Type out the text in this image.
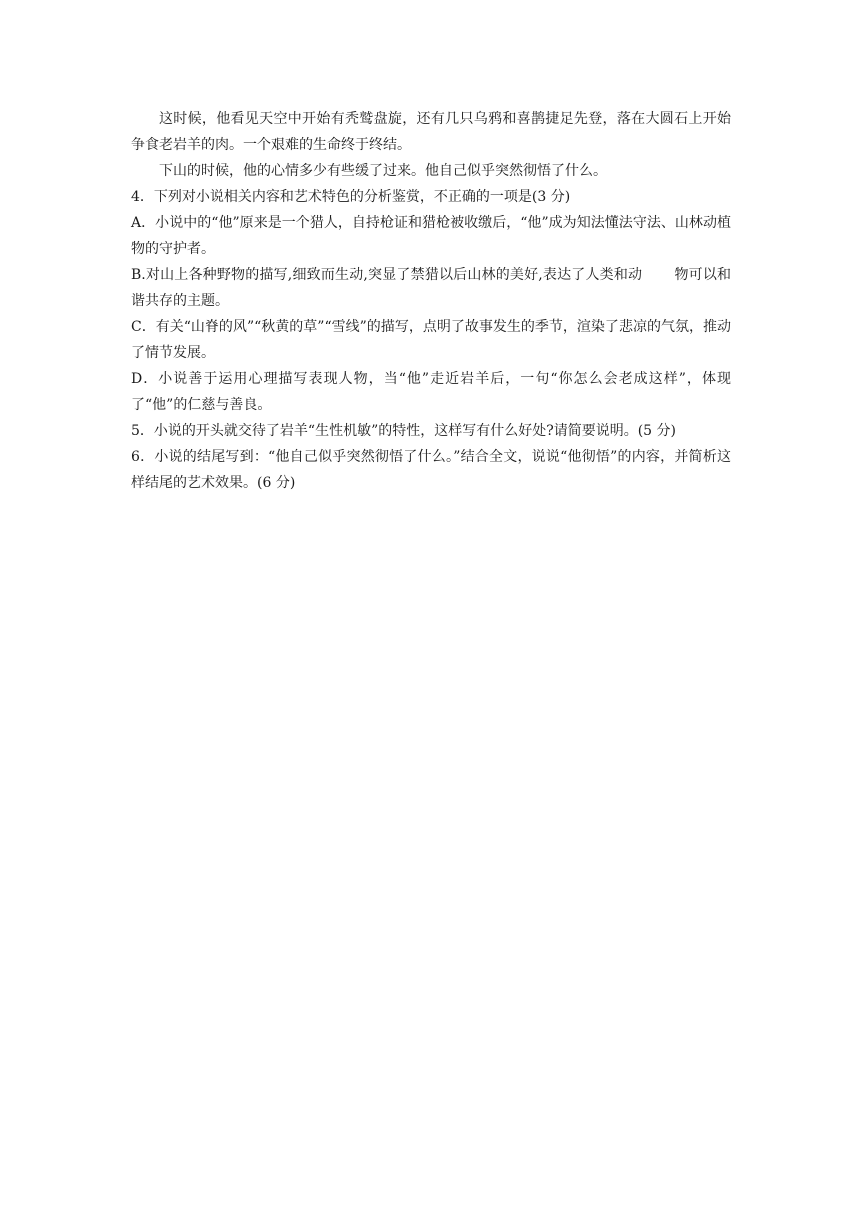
这时候，他看见天空中开始有秃鹫盘旋，还有几只乌鸦和喜鹊捷足先登，落在大圆石上开始争食老岩羊的肉。一个艰难的生命终于终结。

下山的时候，他的心情多少有些缓了过来。他自己似乎突然彻悟了什么。

4．下列对小说相关内容和艺术特色的分析鉴赏，不正确的一项是(3 分)

A．小说中的“他”原来是一个猎人，自持枪证和猎枪被收缴后，“他”成为知法懂法守法、山林动植物的守护者。

B.对山上各种野物的描写,细致而生动,突显了禁猎以后山林的美好,表达了人类和动 物可以和谐共存的主题。

C．有关“山脊的风”“秋黄的草”“雪线”的描写，点明了故事发生的季节，渲染了悲凉的气氛，推动了情节发展。

D．小说善于运用心理描写表现人物，当“他”走近岩羊后，一句“你怎么会老成这样”，体现了“他”的仁慈与善良。

5．小说的开头就交待了岩羊“生性机敏”的特性，这样写有什么好处?请简要说明。(5 分)

6．小说的结尾写到：“他自己似乎突然彻悟了什么。”结合全文，说说“他彻悟”的内容，并简析这样结尾的艺术效果。(6 分)
